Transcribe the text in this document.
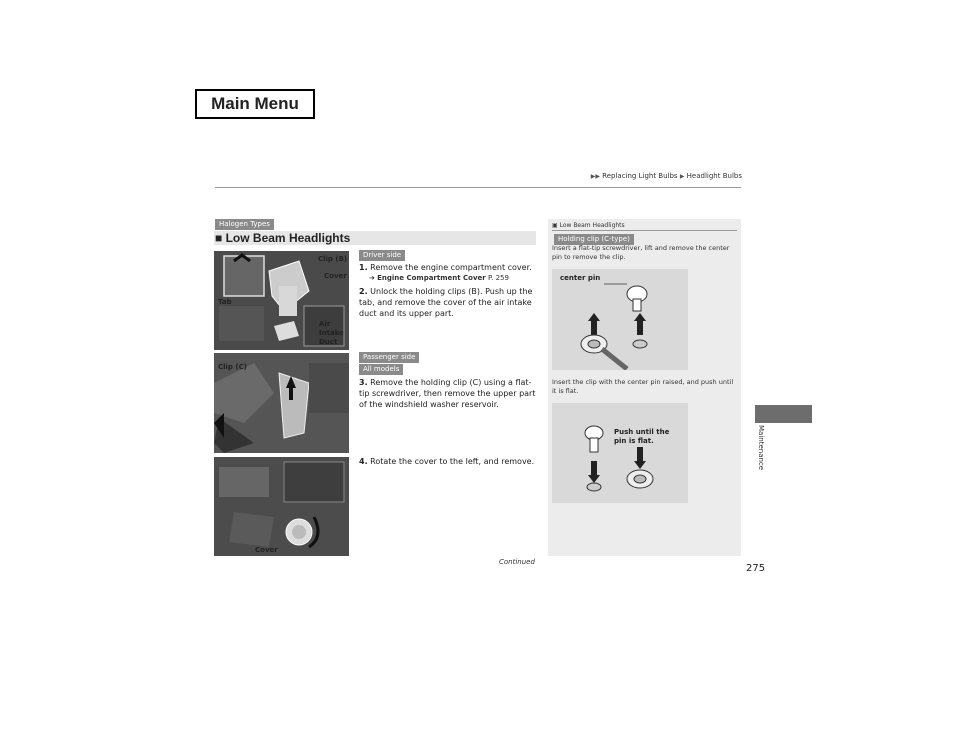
Main Menu
▶▶ Replacing Light Bulbs ▶ Headlight Bulbs
Halogen Types
■ Low Beam Headlights
Clip (B)
Cover
Tab
Air
Intake
Duct
Clip (C)
Cover
Driver side
1. Remove the engine compartment cover.
➔ Engine Compartment Cover P. 259
2. Unlock the holding clips (B). Push up the tab, and remove the cover of the air intake duct and its upper part.
Passenger side
All models
3. Remove the holding clip (C) using a flat-tip screwdriver, then remove the upper part of the windshield washer reservoir.
4. Rotate the cover to the left, and remove.
▣ Low Beam Headlights
Holding clip (C-type)
Insert a flat-tip screwdriver, lift and remove the center pin to remove the clip.
center pin
Insert the clip with the center pin raised, and push until it is flat.
Push until the
pin is flat.	Maintenance
Continued
275
